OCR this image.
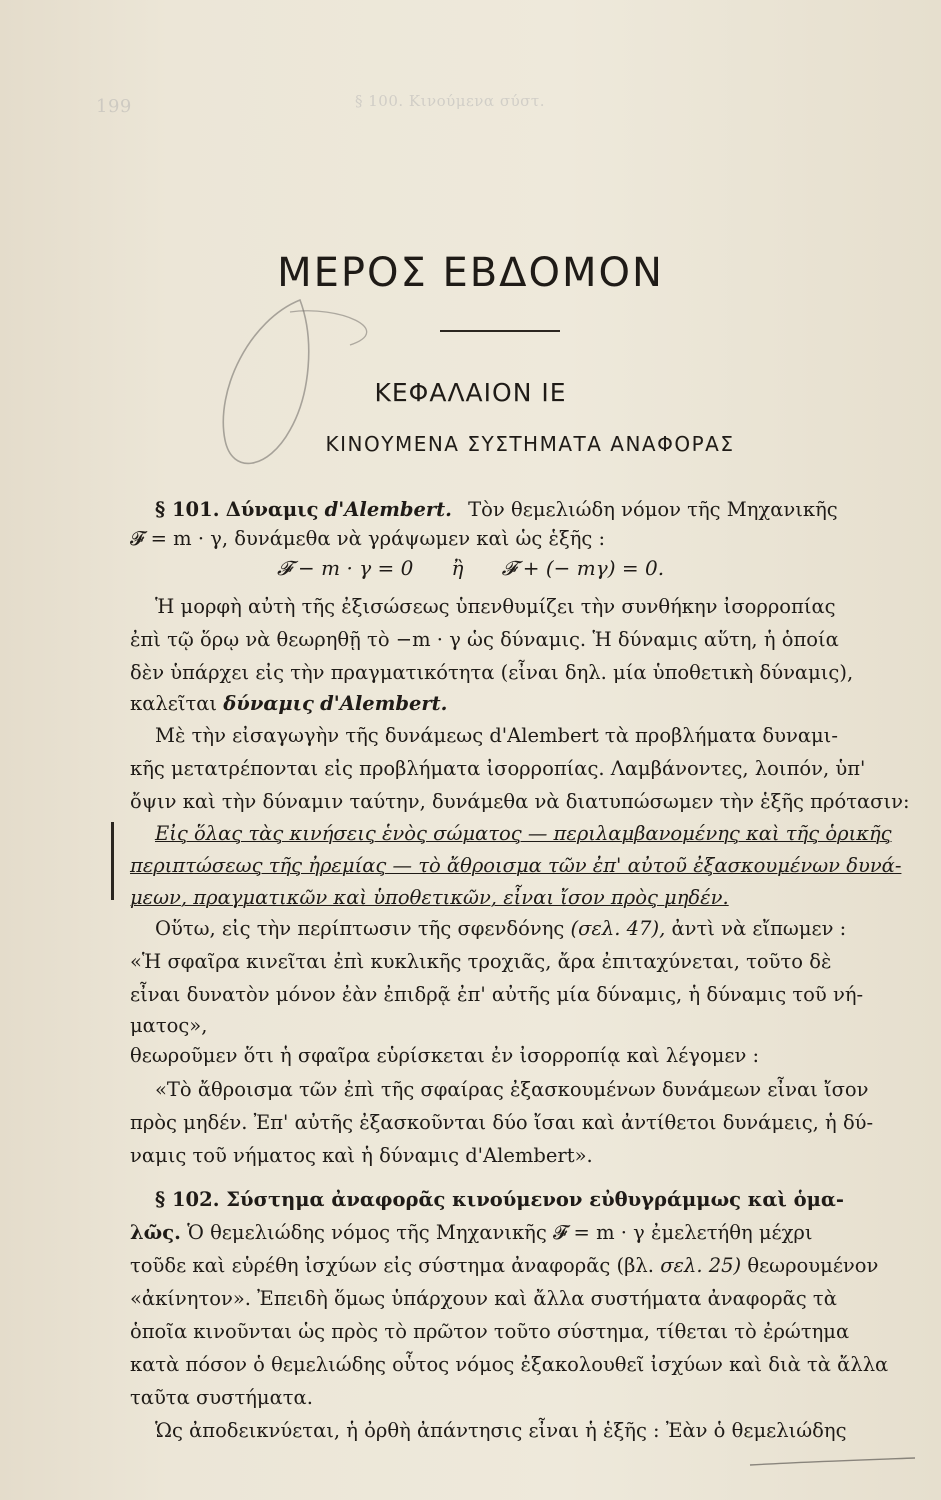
199	§ 100. Κινούμενα σύστ.
ΜΕΡΟΣ ΕΒΔΟΜΟΝ
ΚΕΦΑΛΑΙΟΝ ΙΕ
ΚΙΝΟΥΜΕΝΑ ΣΥΣΤΗΜΑΤΑ ΑΝΑΦΟΡΑΣ
§ 101. Δύναμις d'Alembert. Τὸν θεμελιώδη νόμον τῆς Μηχανικῆς
𝓕 = m · γ, δυνάμεθα νὰ γράψωμεν καὶ ὡς ἑξῆς :
𝓕 − m · γ = 0      ἢ      𝓕 + (− mγ) = 0.
Ἡ μορφὴ αὐτὴ τῆς ἐξισώσεως ὑπενθυμίζει τὴν συνθήκην ἰσορροπίας
ἐπὶ τῷ ὅρῳ νὰ θεωρηθῇ τὸ −m · γ ὡς δύναμις. Ἡ δύναμις αὕτη, ἡ ὁποία
δὲν ὑπάρχει εἰς τὴν πραγματικότητα (εἶναι δηλ. μία ὑποθετικὴ δύναμις),
καλεῖται δύναμις d'Alembert.
Μὲ τὴν εἰσαγωγὴν τῆς δυνάμεως d'Alembert τὰ προβλήματα δυναμι-
κῆς μετατρέπονται εἰς προβλήματα ἰσορροπίας. Λαμβάνοντες, λοιπόν, ὑπ'
ὄψιν καὶ τὴν δύναμιν ταύτην, δυνάμεθα νὰ διατυπώσωμεν τὴν ἑξῆς πρότασιν:
Εἰς ὅλας τὰς κινήσεις ἑνὸς σώματος — περιλαμβανομένης καὶ τῆς ὁρικῆς
περιπτώσεως τῆς ἠρεμίας — τὸ ἄθροισμα τῶν ἐπ' αὐτοῦ ἐξασκουμένων δυνά-
μεων, πραγματικῶν καὶ ὑποθετικῶν, εἶναι ἴσον πρὸς μηδέν.
Οὕτω, εἰς τὴν περίπτωσιν τῆς σφενδόνης (σελ. 47), ἀντὶ νὰ εἴπωμεν :
«Ἡ σφαῖρα κινεῖται ἐπὶ κυκλικῆς τροχιᾶς, ἄρα ἐπιταχύνεται, τοῦτο δὲ
εἶναι δυνατὸν μόνον ἐὰν ἐπιδρᾷ ἐπ' αὐτῆς μία δύναμις, ἡ δύναμις τοῦ νή-
ματος»,
θεωροῦμεν ὅτι ἡ σφαῖρα εὑρίσκεται ἐν ἰσορροπίᾳ καὶ λέγομεν :
«Τὸ ἄθροισμα τῶν ἐπὶ τῆς σφαίρας ἐξασκουμένων δυνάμεων εἶναι ἴσον
πρὸς μηδέν. Ἐπ' αὐτῆς ἐξασκοῦνται δύο ἴσαι καὶ ἀντίθετοι δυνάμεις, ἡ δύ-
ναμις τοῦ νήματος καὶ ἡ δύναμις d'Alembert».
§ 102. Σύστημα ἀναφορᾶς κινούμενον εὐθυγράμμως καὶ ὁμα-
λῶς. Ὁ θεμελιώδης νόμος τῆς Μηχανικῆς 𝓕 = m · γ ἐμελετήθη μέχρι
τοῦδε καὶ εὑρέθη ἰσχύων εἰς σύστημα ἀναφορᾶς (βλ. σελ. 25) θεωρουμένον
«ἀκίνητον». Ἐπειδὴ ὅμως ὑπάρχουν καὶ ἄλλα συστήματα ἀναφορᾶς τὰ
ὁποῖα κινοῦνται ὡς πρὸς τὸ πρῶτον τοῦτο σύστημα, τίθεται τὸ ἐρώτημα
κατὰ πόσον ὁ θεμελιώδης οὗτος νόμος ἐξακολουθεῖ ἰσχύων καὶ διὰ τὰ ἄλλα
ταῦτα συστήματα.
Ὡς ἀποδεικνύεται, ἡ ὀρθὴ ἀπάντησις εἶναι ἡ ἑξῆς : Ἐὰν ὁ θεμελιώδης
